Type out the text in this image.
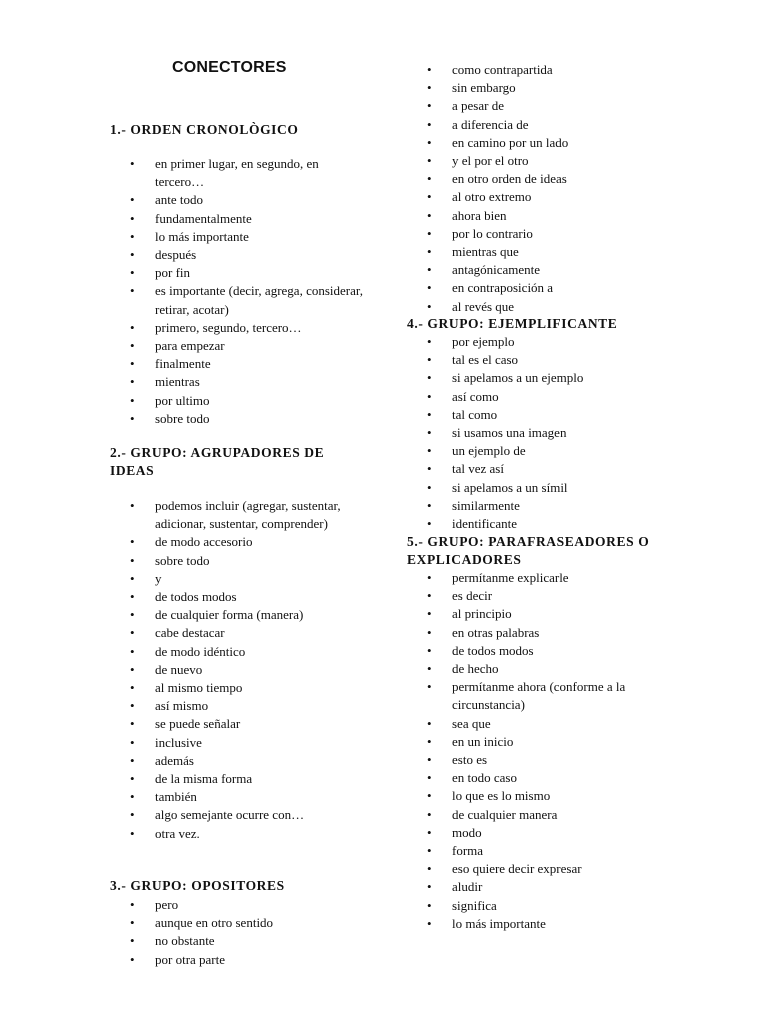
CONECTORES
1.- ORDEN CRONOLÒGICO
• en primer lugar, en segundo, en tercero…
• ante todo
• fundamentalmente
• lo más importante
• después
• por fin
• es importante (decir, agrega, considerar, retirar, acotar)
• primero, segundo, tercero…
• para empezar
• finalmente
• mientras
• por ultimo
• sobre todo
2.- GRUPO: AGRUPADORES DE IDEAS
• podemos incluir (agregar, sustentar, adicionar, sustentar, comprender)
• de modo accesorio
• sobre todo
• y
• de todos modos
• de cualquier forma (manera)
• cabe destacar
• de modo idéntico
• de nuevo
• al mismo tiempo
• así mismo
• se puede señalar
• inclusive
• además
• de la misma forma
• también
• algo semejante ocurre con…
• otra vez.
3.- GRUPO: OPOSITORES
• pero
• aunque en otro sentido
• no obstante
• por otra parte
• como contrapartida
• sin embargo
• a pesar de
• a diferencia de
• en camino por un lado
• y el por el otro
• en otro orden de ideas
• al otro extremo
• ahora bien
• por lo contrario
• mientras que
• antagónicamente
• en contraposición a
• al revés que
4.- GRUPO: EJEMPLIFICANTE
• por ejemplo
• tal es el caso
• si apelamos a un ejemplo
• así como
• tal como
• si usamos una imagen
• un ejemplo de
• tal vez así
• si apelamos a un símil
• similarmente
• identificante
5.- GRUPO: PARAFRASEADORES O EXPLICADORES
• permítanme explicarle
• es decir
• al principio
• en otras palabras
• de todos modos
• de hecho
• permítanme ahora (conforme a la circunstancia)
• sea que
• en un inicio
• esto es
• en todo caso
• lo que es lo mismo
• de cualquier manera
• modo
• forma
• eso quiere decir expresar
• aludir
• significa
• lo más importante
